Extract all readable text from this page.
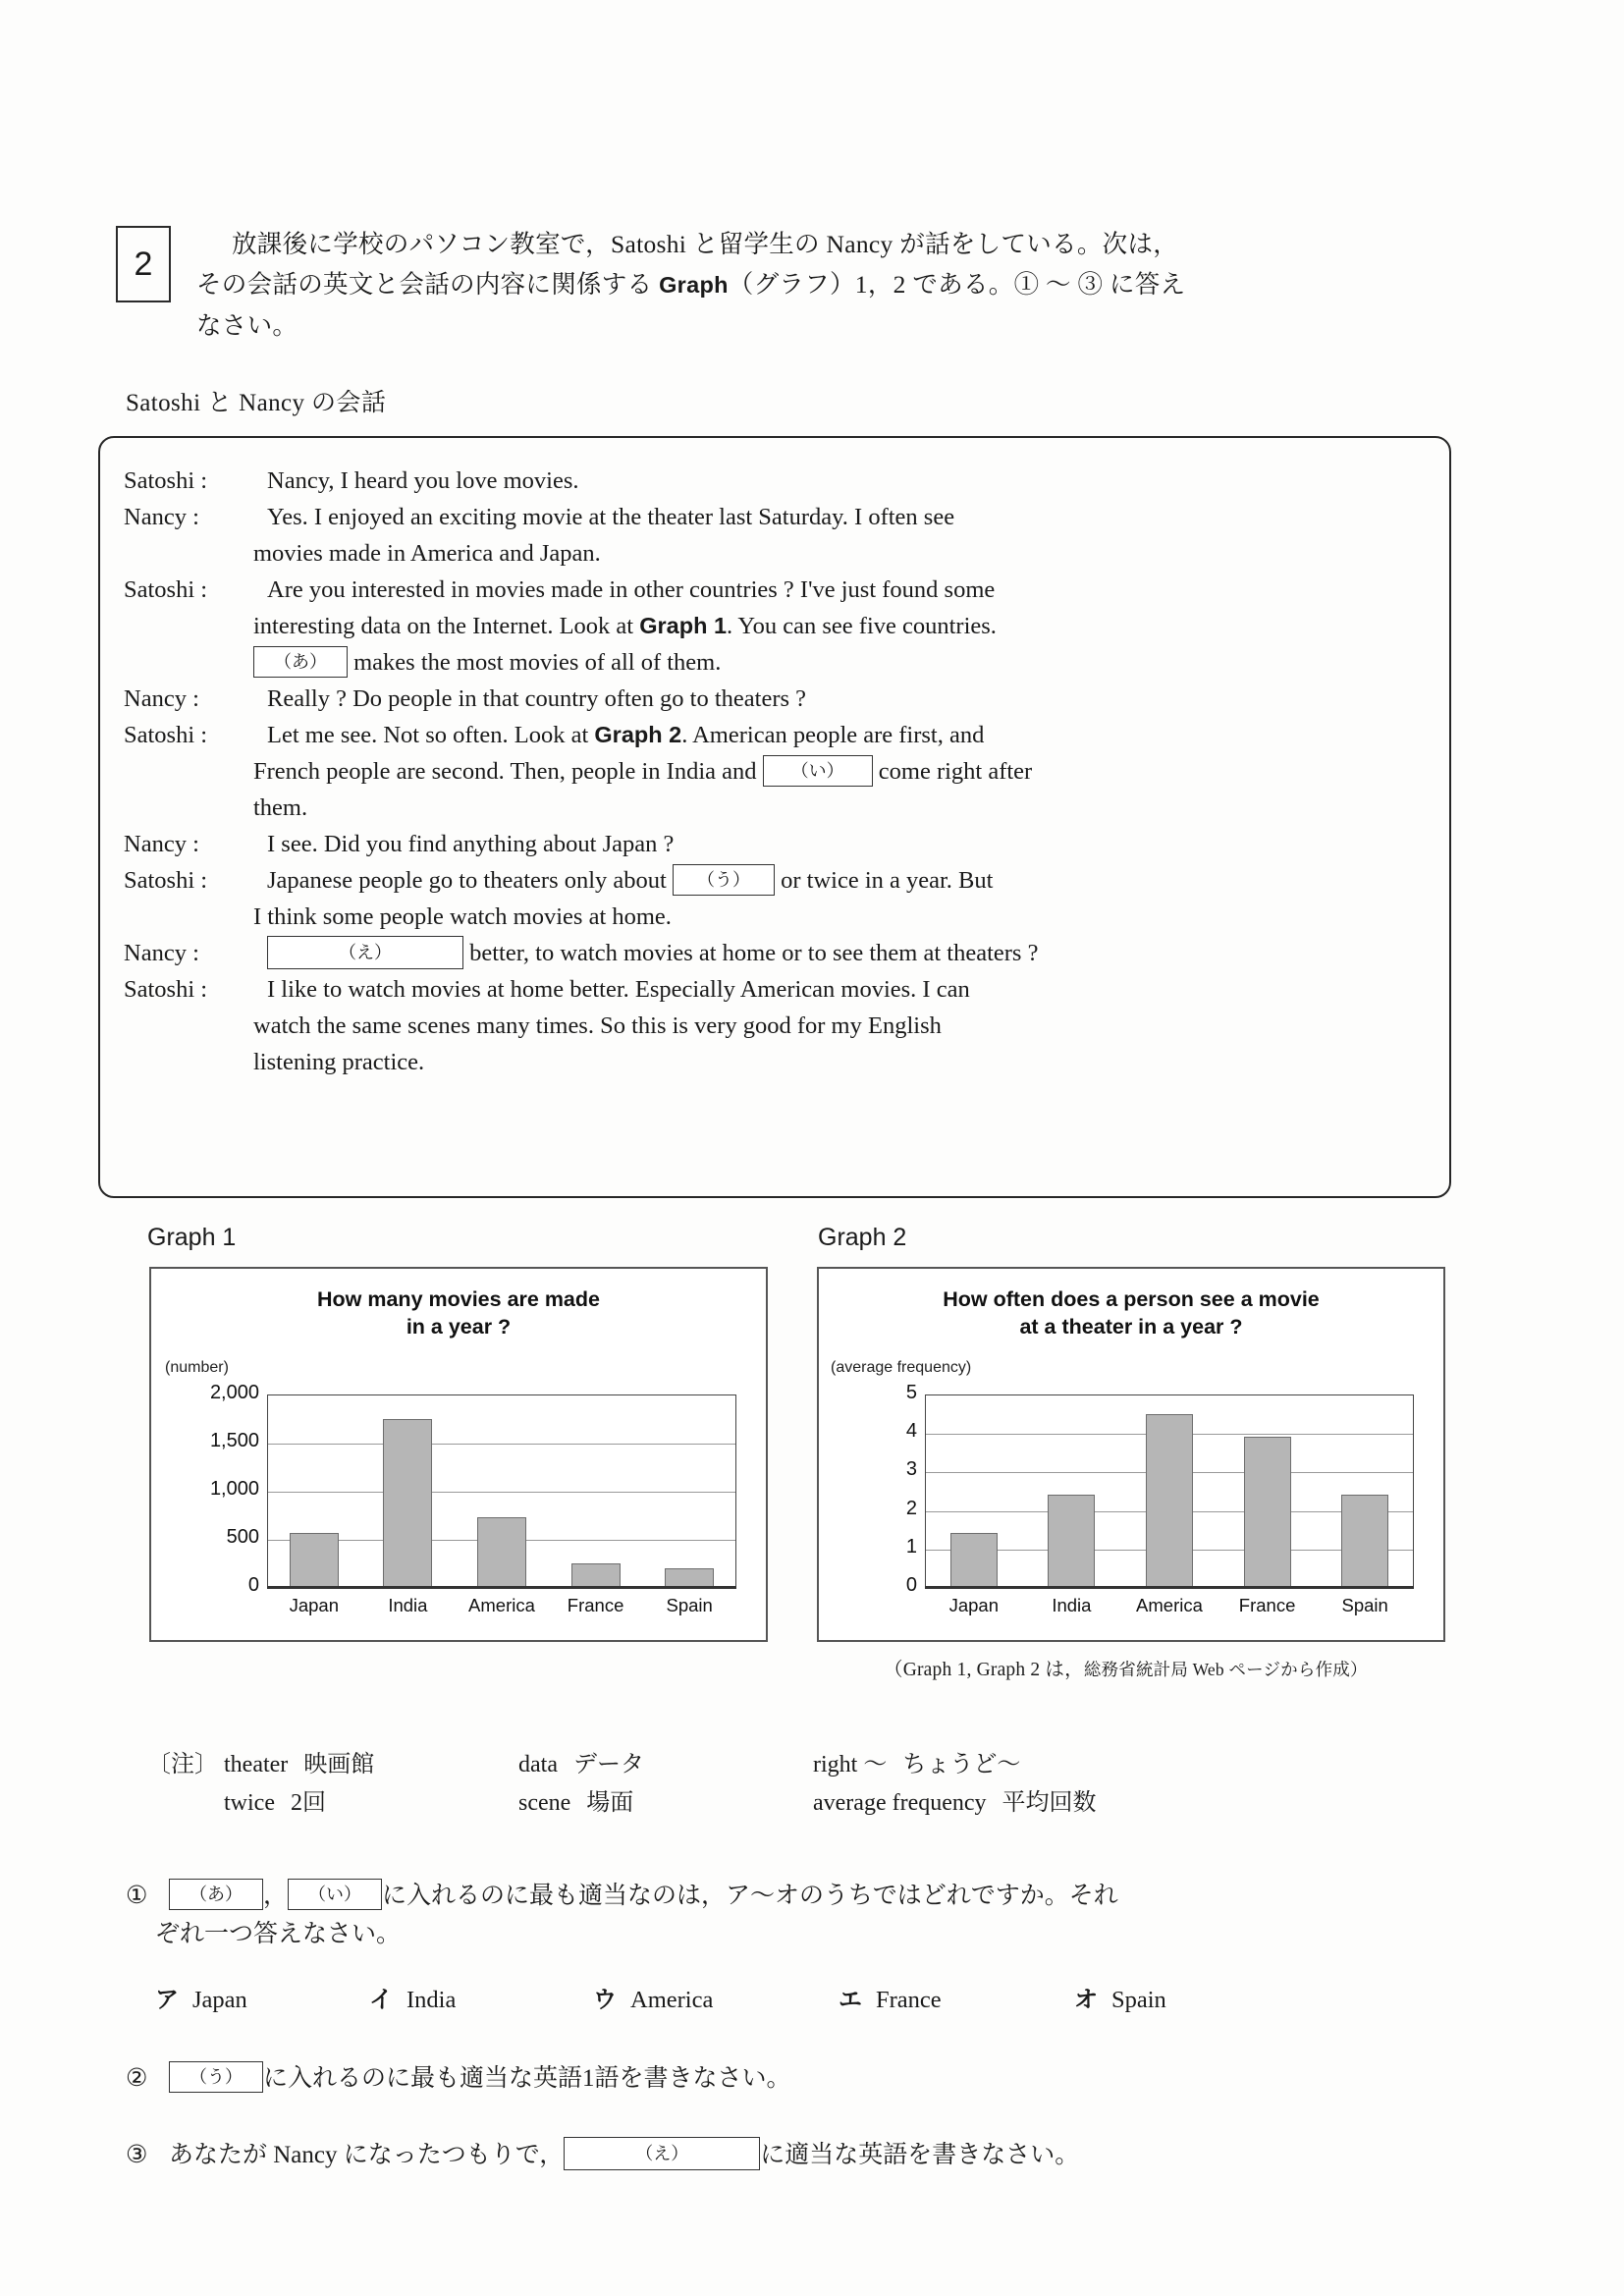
2
放課後に学校のパソコン教室で，Satoshi と留学生の Nancy が話をしている。次は，
その会話の英文と会話の内容に関係する Graph（グラフ）1，2 である。① ～ ③ に答え
なさい。
Satoshi と Nancy の会話
Satoshi :	Nancy, I heard you love movies.
Nancy :	Yes. I enjoyed an exciting movie at the theater last Saturday. I often see
movies made in America and Japan.
Satoshi :	Are you interested in movies made in other countries ? I've just found some
interesting data on the Internet. Look at Graph 1. You can see five countries.
（あ） makes the most movies of all of them.
Nancy :	Really ? Do people in that country often go to theaters ?
Satoshi :	Let me see. Not so often. Look at Graph 2. American people are first, and
French people are second. Then, people in India and （い） come right after
them.
Nancy :	I see. Did you find anything about Japan ?
Satoshi :	Japanese people go to theaters only about （う） or twice in a year. But
I think some people watch movies at home.
Nancy :	（え）	better, to watch movies at home or to see them at theaters ?
Satoshi :	I like to watch movies at home better. Especially American movies. I can
watch the same scenes many times. So this is very good for my English
listening practice.
Graph 1
How many movies are made
in a year ?
(number)
2,000
1,500
1,000
500
0
Japan	India	America	France	Spain
Graph 2
How often does a person see a movie
at a theater in a year ?
(average frequency)
5
4
3
2
1
0
Japan	India	America	France	Spain
（Graph 1, Graph 2 は，総務省統計局 Web ページから作成）
〔注〕 theater 映画館	data データ	right ～ ちょうど～
twice 2回	scene 場面	average frequency 平均回数
①	（あ） ，	（い） に入れるのに最も適当なのは，ア～オのうちではどれですか。それ
ぞれ一つ答えなさい。
ア Japan	イ India	ウ America	エ France	オ Spain
②	（う） に入れるのに最も適当な英語1語を書きなさい。
③ あなたが Nancy になったつもりで，	（え）	に適当な英語を書きなさい。
